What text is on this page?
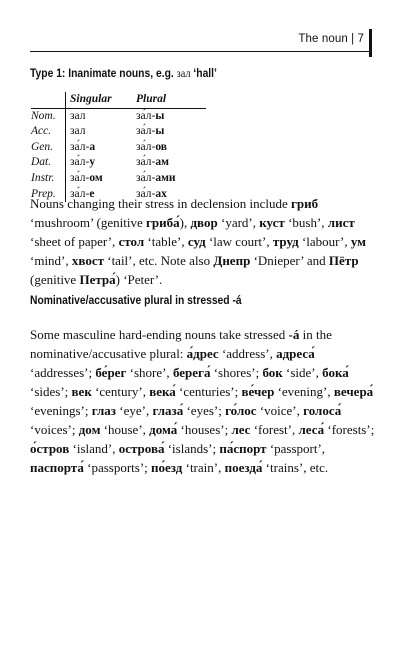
The noun | 7
Type 1: Inanimate nouns, e.g. зал ‘hall’
	Singular	Plural
Nom.	зал	за́л-ы
Acc.	зал	за́л-ы
Gen.	за́л-а	за́л-ов
Dat.	за́л-у	за́л-ам
Instr.	за́л-ом	за́л-ами
Prep.	за́л-е	за́л-ах

Nouns changing their stress in declension include гриб ‘mushroom’ (genitive гриба́), двор ‘yard’, куст ‘bush’, лист ‘sheet of paper’, стол ‘table’, суд ‘law court’, труд ‘labour’, ум ‘mind’, хвост ‘tail’, etc. Note also Днепр ‘Dnieper’ and Пётр (genitive Петра́) ‘Peter’.

Nominative/accusative plural in stressed -á

Some masculine hard-ending nouns take stressed -á in the nominative/accusative plural: а́дрес ‘address’, адреса́ ‘addresses’; бе́рег ‘shore’, берега́ ‘shores’; бок ‘side’, бока́ ‘sides’; век ‘century’, века́ ‘centuries’; ве́чер ‘evening’, вечера́ ‘evenings’; глаз ‘eye’, глаза́ ‘eyes’; го́лос ‘voice’, голоса́ ‘voices’; дом ‘house’, дома́ ‘houses’; лес ‘forest’, леса́ ‘forests’; о́стров ‘island’, острова́ ‘islands’; па́спорт ‘passport’, паспорта́ ‘passports’; по́езд ‘train’, поезда́ ‘trains’, etc.
